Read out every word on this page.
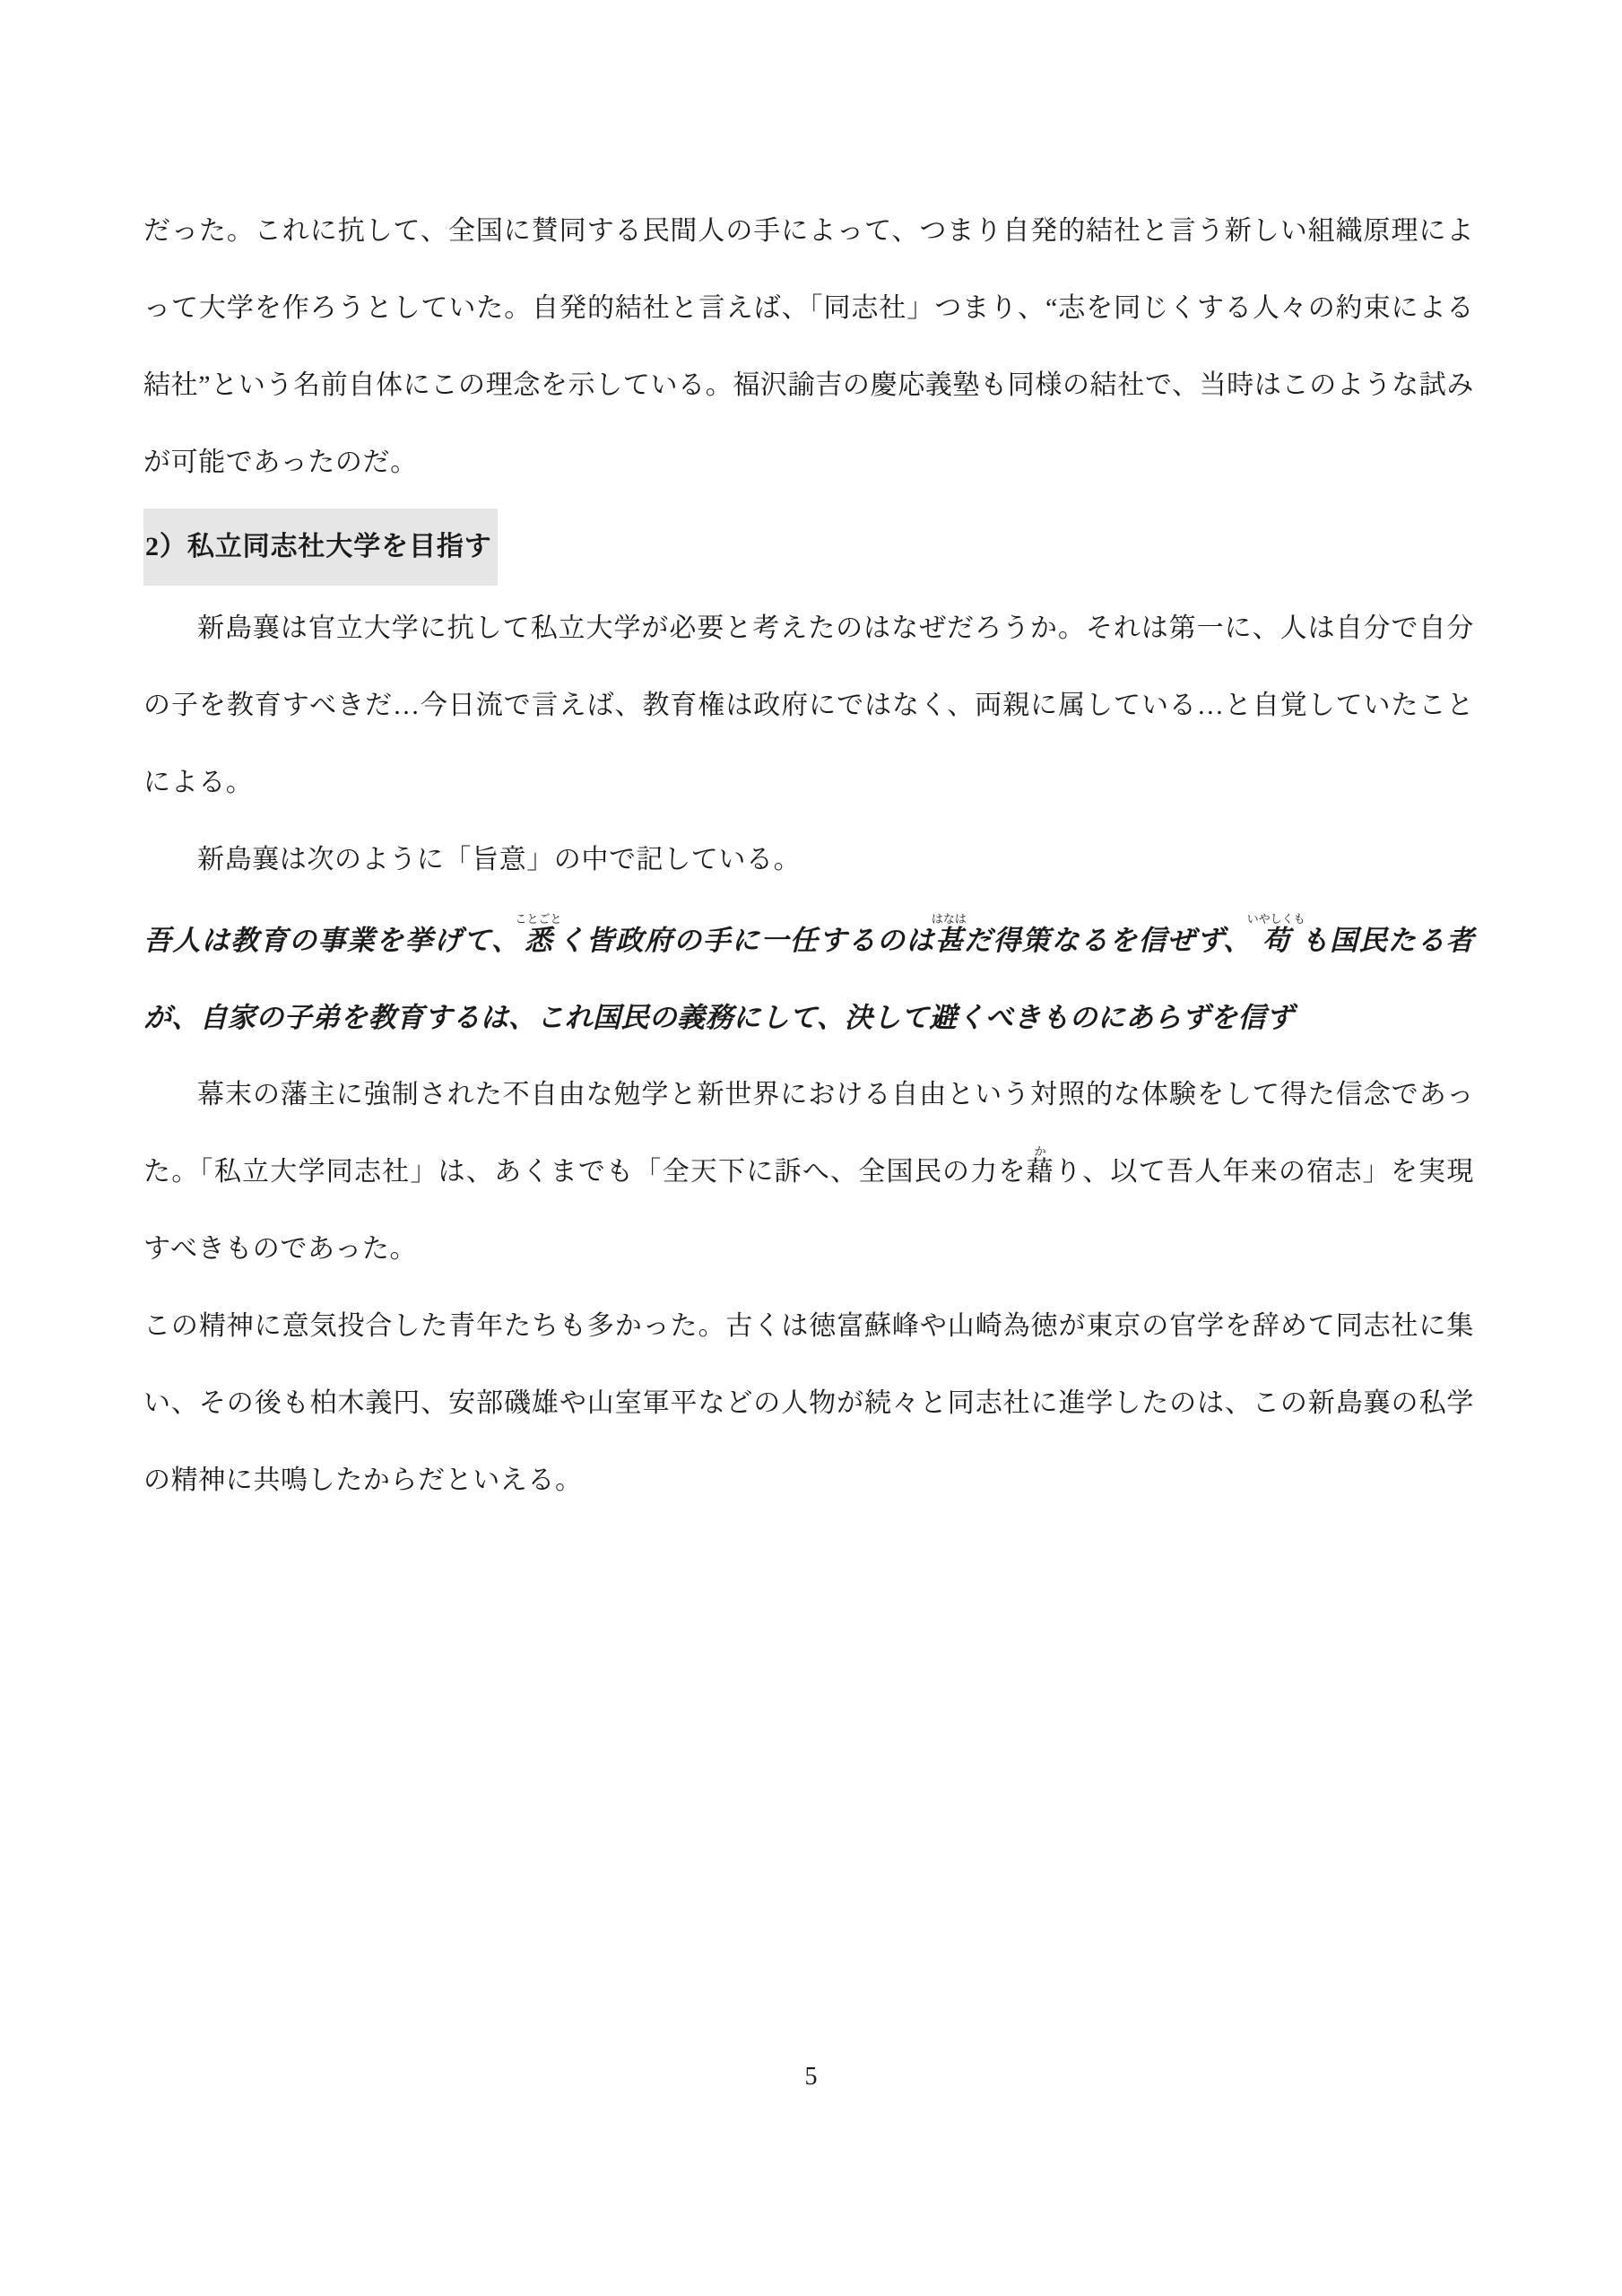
だった。これに抗して、全国に賛同する民間人の手によって、つまり自発的結社と言う新しい組織原理によって大学を作ろうとしていた。自発的結社と言えば、「同志社」つまり、“志を同じくする人々の約束による結社”という名前自体にこの理念を示している。福沢諭吉の慶応義塾も同様の結社で、当時はこのような試みが可能であったのだ。

2）私立同志社大学を目指す

新島襄は官立大学に抗して私立大学が必要と考えたのはなぜだろうか。それは第一に、人は自分で自分の子を教育すべきだ…今日流で言えば、教育権は政府にではなく、両親に属している…と自覚していたことによる。

新島襄は次のように「旨意」の中で記している。

吾人は教育の事業を挙げて、悉ことごとく皆政府の手に一任するのは甚はなはだ得策なるを信ぜず、苟いやしくもも国民たる者が、自家の子弟を教育するは、これ国民の義務にして、決して避くべきものにあらずを信ず

幕末の藩主に強制された不自由な勉学と新世界における自由という対照的な体験をして得た信念であった。「私立大学同志社」は、あくまでも「全天下に訴へ、全国民の力を藉かり、以て吾人年来の宿志」を実現すべきものであった。

この精神に意気投合した青年たちも多かった。古くは徳富蘇峰や山崎為徳が東京の官学を辞めて同志社に集い、その後も柏木義円、安部磯雄や山室軍平などの人物が続々と同志社に進学したのは、この新島襄の私学の精神に共鳴したからだといえる。

5
